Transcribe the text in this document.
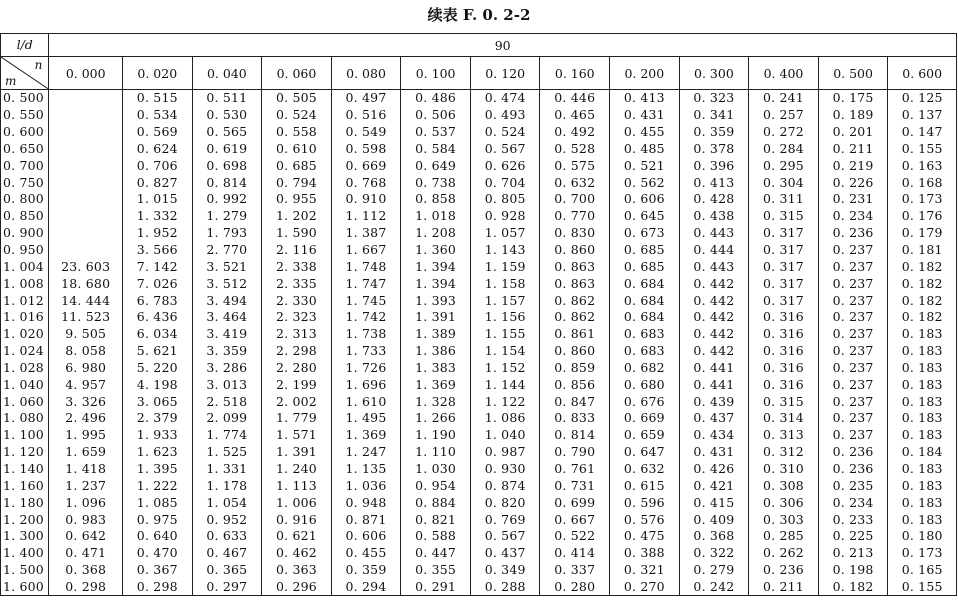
续表 F. 0. 2-2
l/d	90												

n
m	0. 000	0. 020	0. 040	0. 060	0. 080	0. 100	0. 120	0. 160	0. 200	0. 300	0. 400	0. 500	0. 600
0. 500		0. 515	0. 511	0. 505	0. 497	0. 486	0. 474	0. 446	0. 413	0. 323	0. 241	0. 175	0. 125
0. 550		0. 534	0. 530	0. 524	0. 516	0. 506	0. 493	0. 465	0. 431	0. 341	0. 257	0. 189	0. 137
0. 600		0. 569	0. 565	0. 558	0. 549	0. 537	0. 524	0. 492	0. 455	0. 359	0. 272	0. 201	0. 147
0. 650		0. 624	0. 619	0. 610	0. 598	0. 584	0. 567	0. 528	0. 485	0. 378	0. 284	0. 211	0. 155
0. 700		0. 706	0. 698	0. 685	0. 669	0. 649	0. 626	0. 575	0. 521	0. 396	0. 295	0. 219	0. 163
0. 750		0. 827	0. 814	0. 794	0. 768	0. 738	0. 704	0. 632	0. 562	0. 413	0. 304	0. 226	0. 168
0. 800		1. 015	0. 992	0. 955	0. 910	0. 858	0. 805	0. 700	0. 606	0. 428	0. 311	0. 231	0. 173
0. 850		1. 332	1. 279	1. 202	1. 112	1. 018	0. 928	0. 770	0. 645	0. 438	0. 315	0. 234	0. 176
0. 900		1. 952	1. 793	1. 590	1. 387	1. 208	1. 057	0. 830	0. 673	0. 443	0. 317	0. 236	0. 179
0. 950		3. 566	2. 770	2. 116	1. 667	1. 360	1. 143	0. 860	0. 685	0. 444	0. 317	0. 237	0. 181
1. 004	23. 603	7. 142	3. 521	2. 338	1. 748	1. 394	1. 159	0. 863	0. 685	0. 443	0. 317	0. 237	0. 182
1. 008	18. 680	7. 026	3. 512	2. 335	1. 747	1. 394	1. 158	0. 863	0. 684	0. 442	0. 317	0. 237	0. 182
1. 012	14. 444	6. 783	3. 494	2. 330	1. 745	1. 393	1. 157	0. 862	0. 684	0. 442	0. 317	0. 237	0. 182
1. 016	11. 523	6. 436	3. 464	2. 323	1. 742	1. 391	1. 156	0. 862	0. 684	0. 442	0. 316	0. 237	0. 182
1. 020	9. 505	6. 034	3. 419	2. 313	1. 738	1. 389	1. 155	0. 861	0. 683	0. 442	0. 316	0. 237	0. 183
1. 024	8. 058	5. 621	3. 359	2. 298	1. 733	1. 386	1. 154	0. 860	0. 683	0. 442	0. 316	0. 237	0. 183
1. 028	6. 980	5. 220	3. 286	2. 280	1. 726	1. 383	1. 152	0. 859	0. 682	0. 441	0. 316	0. 237	0. 183
1. 040	4. 957	4. 198	3. 013	2. 199	1. 696	1. 369	1. 144	0. 856	0. 680	0. 441	0. 316	0. 237	0. 183
1. 060	3. 326	3. 065	2. 518	2. 002	1. 610	1. 328	1. 122	0. 847	0. 676	0. 439	0. 315	0. 237	0. 183
1. 080	2. 496	2. 379	2. 099	1. 779	1. 495	1. 266	1. 086	0. 833	0. 669	0. 437	0. 314	0. 237	0. 183
1. 100	1. 995	1. 933	1. 774	1. 571	1. 369	1. 190	1. 040	0. 814	0. 659	0. 434	0. 313	0. 237	0. 183
1. 120	1. 659	1. 623	1. 525	1. 391	1. 247	1. 110	0. 987	0. 790	0. 647	0. 431	0. 312	0. 236	0. 184
1. 140	1. 418	1. 395	1. 331	1. 240	1. 135	1. 030	0. 930	0. 761	0. 632	0. 426	0. 310	0. 236	0. 183
1. 160	1. 237	1. 222	1. 178	1. 113	1. 036	0. 954	0. 874	0. 731	0. 615	0. 421	0. 308	0. 235	0. 183
1. 180	1. 096	1. 085	1. 054	1. 006	0. 948	0. 884	0. 820	0. 699	0. 596	0. 415	0. 306	0. 234	0. 183
1. 200	0. 983	0. 975	0. 952	0. 916	0. 871	0. 821	0. 769	0. 667	0. 576	0. 409	0. 303	0. 233	0. 183
1. 300	0. 642	0. 640	0. 633	0. 621	0. 606	0. 588	0. 567	0. 522	0. 475	0. 368	0. 285	0. 225	0. 180
1. 400	0. 471	0. 470	0. 467	0. 462	0. 455	0. 447	0. 437	0. 414	0. 388	0. 322	0. 262	0. 213	0. 173
1. 500	0. 368	0. 367	0. 365	0. 363	0. 359	0. 355	0. 349	0. 337	0. 321	0. 279	0. 236	0. 198	0. 165
1. 600	0. 298	0. 298	0. 297	0. 296	0. 294	0. 291	0. 288	0. 280	0. 270	0. 242	0. 211	0. 182	0. 155
